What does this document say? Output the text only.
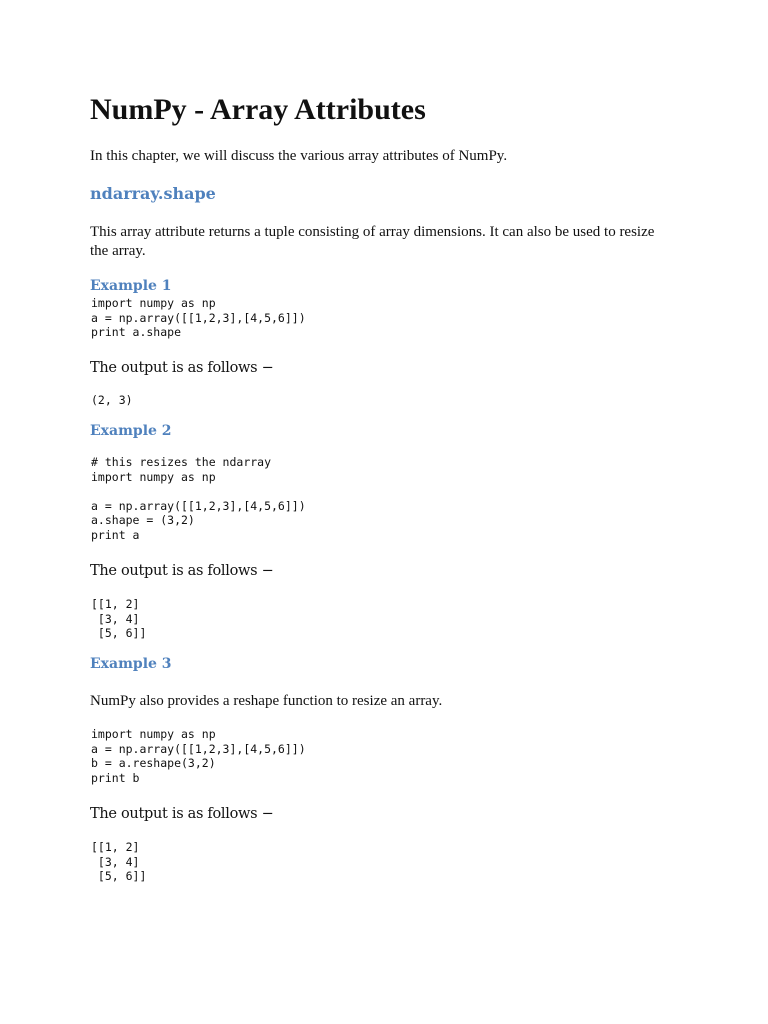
NumPy - Array Attributes

In this chapter, we will discuss the various array attributes of NumPy.

ndarray.shape

This array attribute returns a tuple consisting of array dimensions. It can also be used to resize the array.

Example 1
import numpy as np
a = np.array([[1,2,3],[4,5,6]])
print a.shape

The output is as follows −

(2, 3)
Example 2
# this resizes the ndarray
import numpy as np

a = np.array([[1,2,3],[4,5,6]])
a.shape = (3,2)
print a

The output is as follows −

[[1, 2]
[3, 4]
[5, 6]]
Example 3

NumPy also provides a reshape function to resize an array.

import numpy as np
a = np.array([[1,2,3],[4,5,6]])
b = a.reshape(3,2)
print b

The output is as follows −

[[1, 2]
[3, 4]
[5, 6]]
